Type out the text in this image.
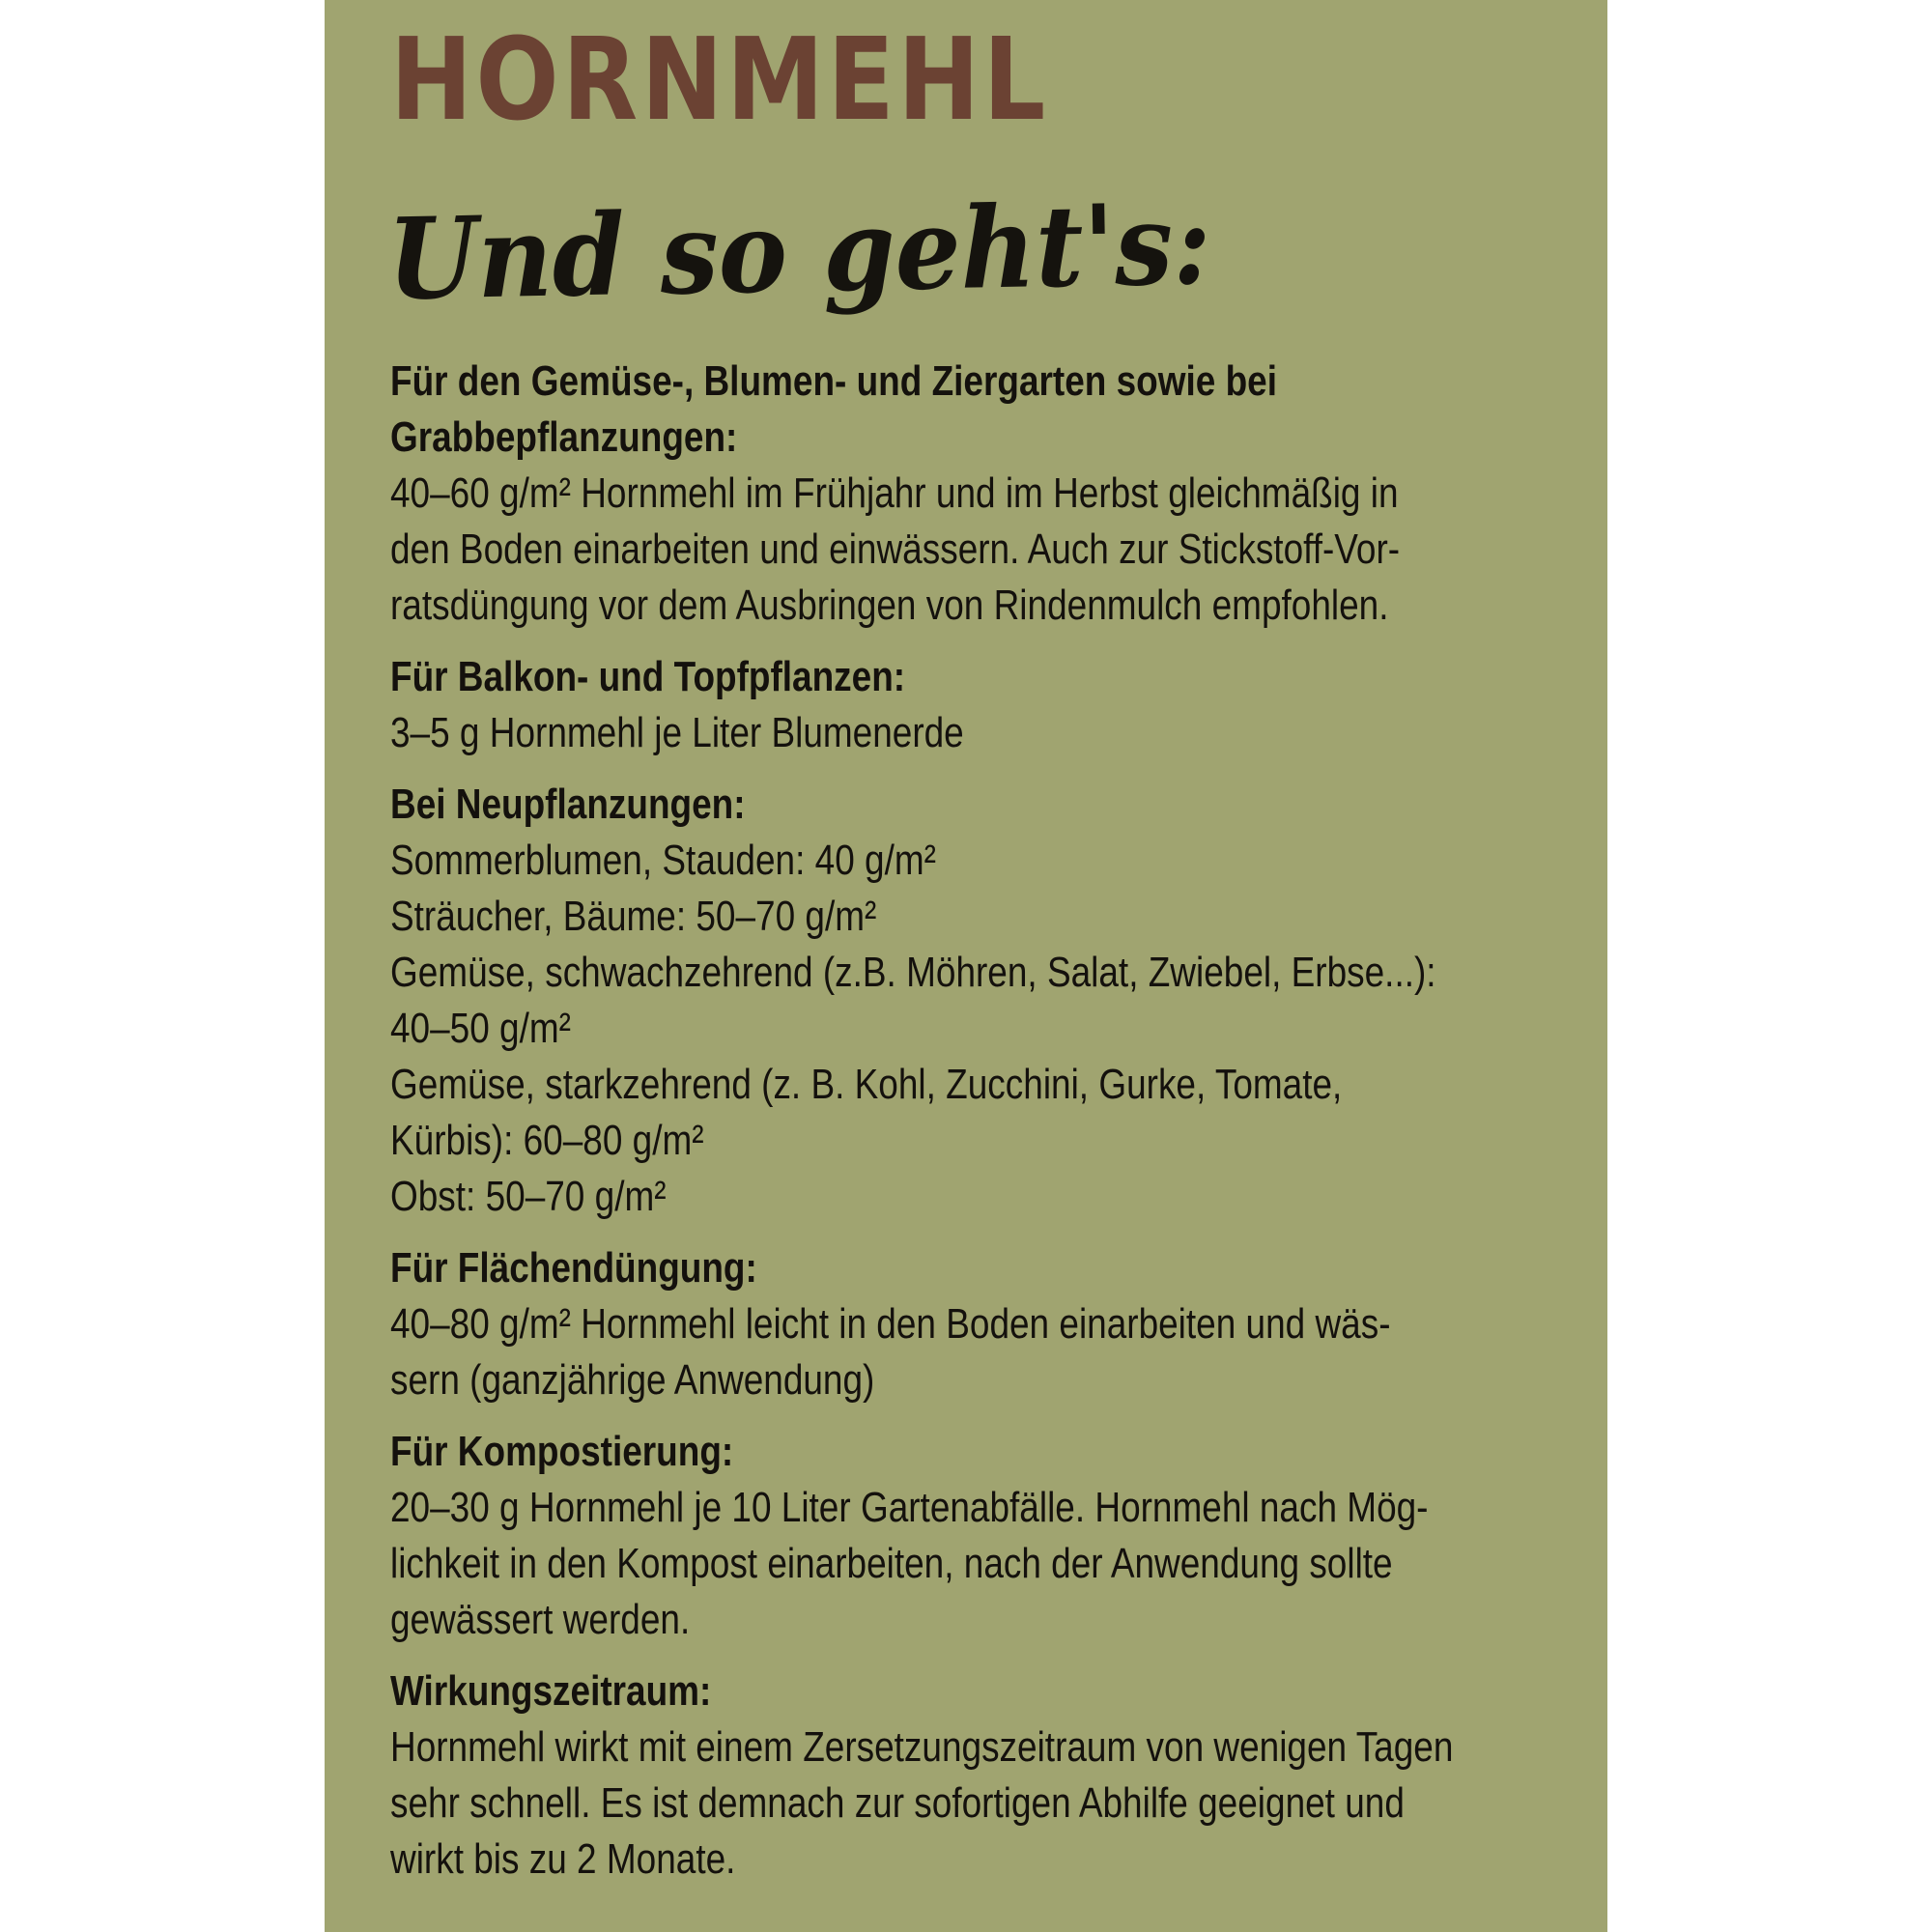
HORNMEHL
Und so geht's:
Für den Gemüse-, Blumen- und Ziergarten sowie bei
Grabbepflanzungen:
40–60 g/m² Hornmehl im Frühjahr und im Herbst gleichmäßig in
den Boden einarbeiten und einwässern. Auch zur Stickstoff-Vor-
ratsdüngung vor dem Ausbringen von Rindenmulch empfohlen.
Für Balkon- und Topfpflanzen:
3–5 g Hornmehl je Liter Blumenerde
Bei Neupflanzungen:
Sommerblumen, Stauden: 40 g/m²
Sträucher, Bäume: 50–70 g/m²
Gemüse, schwachzehrend (z.B. Möhren, Salat, Zwiebel, Erbse...):
40–50 g/m²
Gemüse, starkzehrend (z. B. Kohl, Zucchini, Gurke, Tomate,
Kürbis): 60–80 g/m²
Obst: 50–70 g/m²
Für Flächendüngung:
40–80 g/m² Hornmehl leicht in den Boden einarbeiten und wäs-
sern (ganzjährige Anwendung)
Für Kompostierung:
20–30 g Hornmehl je 10 Liter Gartenabfälle. Hornmehl nach Mög-
lichkeit in den Kompost einarbeiten, nach der Anwendung sollte
gewässert werden.
Wirkungszeitraum:
Hornmehl wirkt mit einem Zersetzungszeitraum von wenigen Tagen
sehr schnell. Es ist demnach zur sofortigen Abhilfe geeignet und
wirkt bis zu 2 Monate.
